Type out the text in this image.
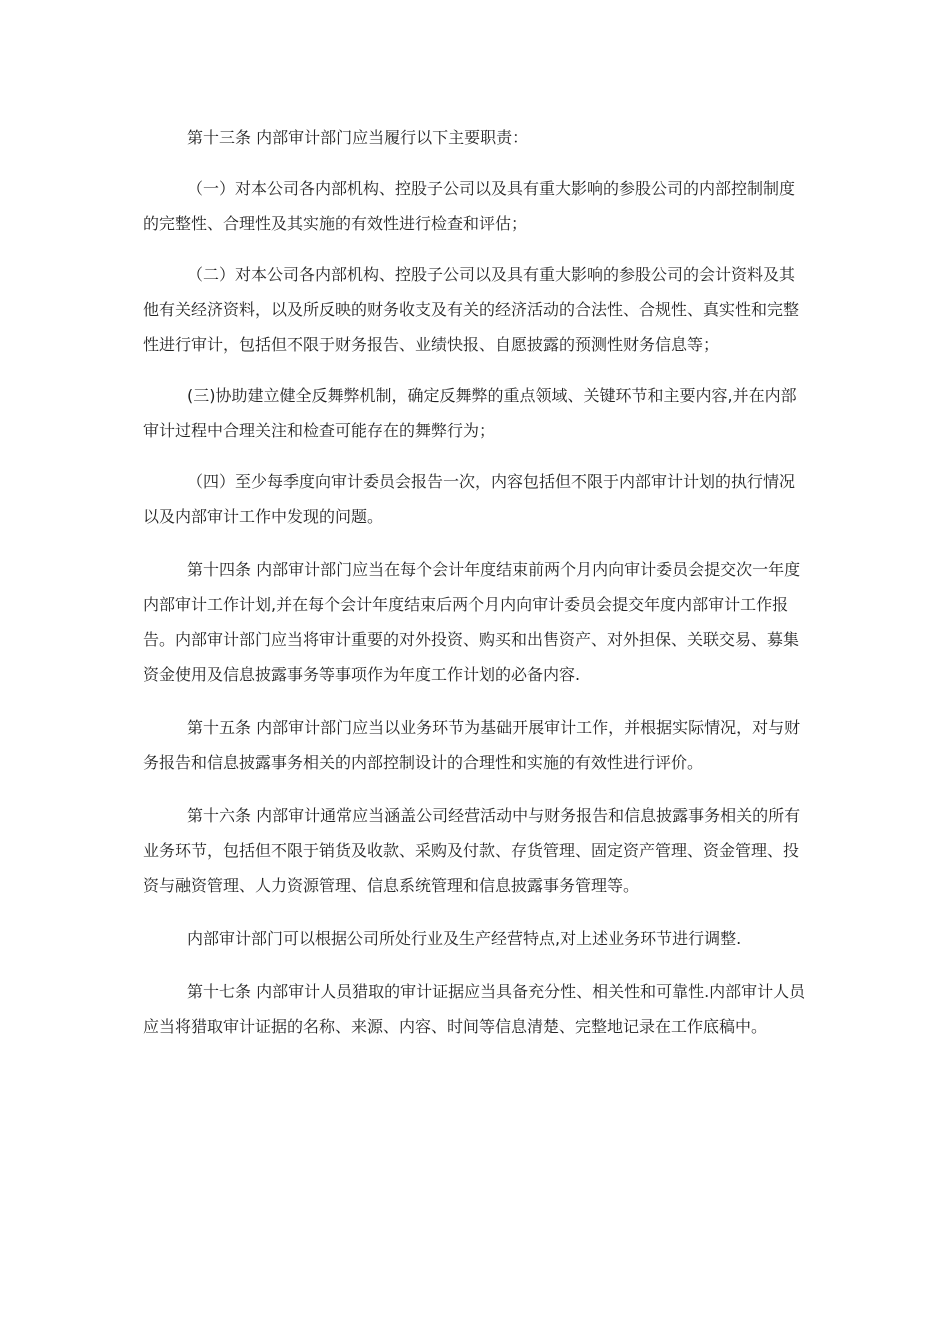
第十三条 内部审计部门应当履行以下主要职责：

（一）对本公司各内部机构、控股子公司以及具有重大影响的参股公司的内部控制制度的完整性、合理性及其实施的有效性进行检查和评估；

（二）对本公司各内部机构、控股子公司以及具有重大影响的参股公司的会计资料及其他有关经济资料，以及所反映的财务收支及有关的经济活动的合法性、合规性、真实性和完整性进行审计，包括但不限于财务报告、业绩快报、自愿披露的预测性财务信息等；

(三)协助建立健全反舞弊机制，确定反舞弊的重点领域、关键环节和主要内容,并在内部审计过程中合理关注和检查可能存在的舞弊行为；

（四）至少每季度向审计委员会报告一次，内容包括但不限于内部审计计划的执行情况以及内部审计工作中发现的问题。

第十四条 内部审计部门应当在每个会计年度结束前两个月内向审计委员会提交次一年度内部审计工作计划,并在每个会计年度结束后两个月内向审计委员会提交年度内部审计工作报告。内部审计部门应当将审计重要的对外投资、购买和出售资产、对外担保、关联交易、募集资金使用及信息披露事务等事项作为年度工作计划的必备内容.

第十五条 内部审计部门应当以业务环节为基础开展审计工作，并根据实际情况，对与财务报告和信息披露事务相关的内部控制设计的合理性和实施的有效性进行评价。

第十六条 内部审计通常应当涵盖公司经营活动中与财务报告和信息披露事务相关的所有业务环节，包括但不限于销货及收款、采购及付款、存货管理、固定资产管理、资金管理、投资与融资管理、人力资源管理、信息系统管理和信息披露事务管理等。

内部审计部门可以根据公司所处行业及生产经营特点,对上述业务环节进行调整.

第十七条 内部审计人员猎取的审计证据应当具备充分性、相关性和可靠性.内部审计人员应当将猎取审计证据的名称、来源、内容、时间等信息清楚、完整地记录在工作底稿中。
